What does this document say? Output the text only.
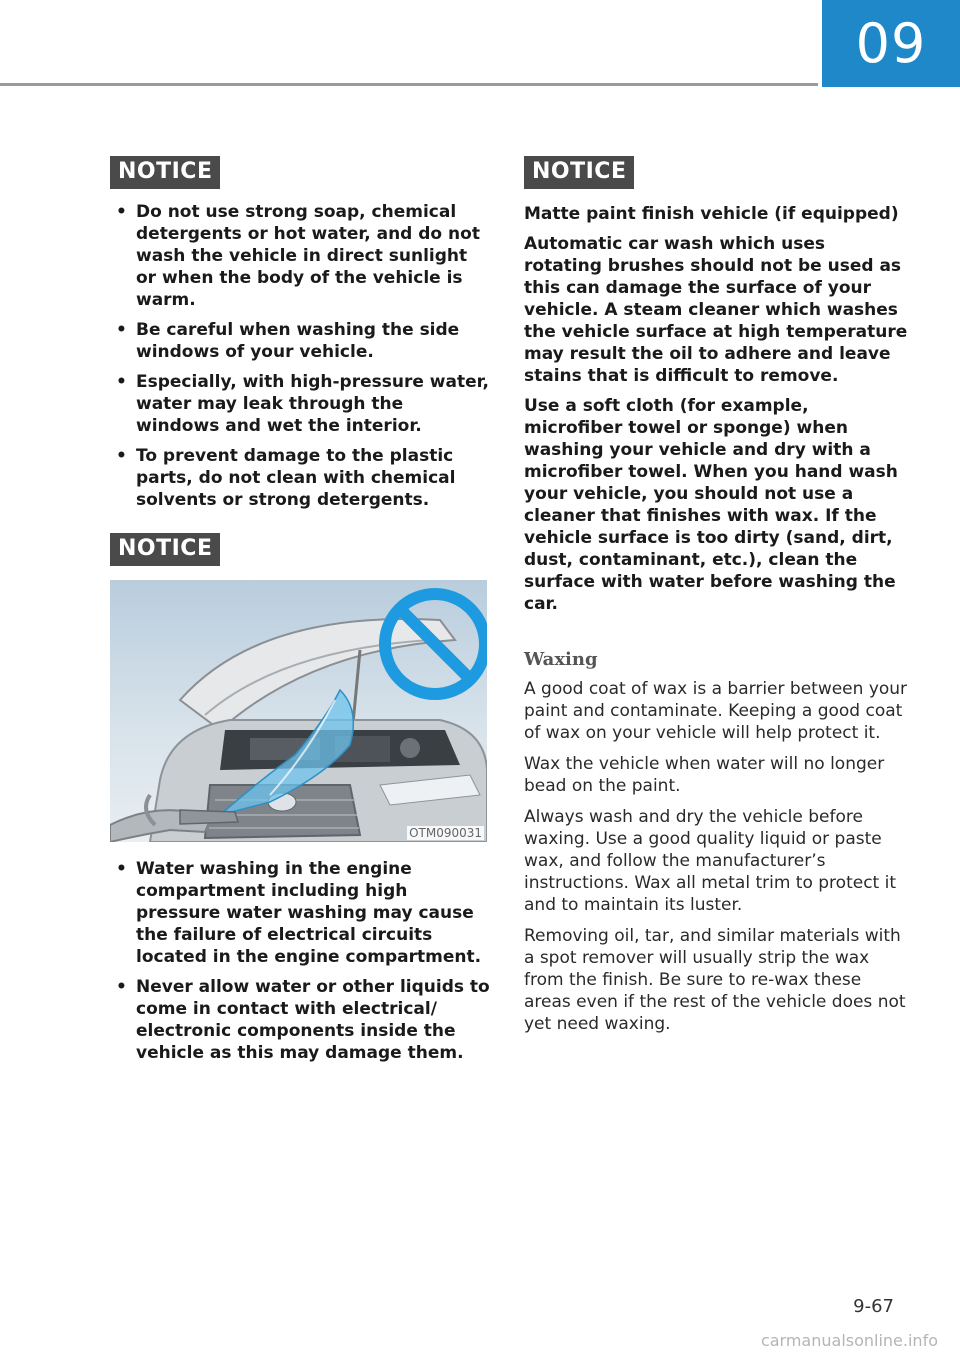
09
NOTICE
• Do not use strong soap, chemical detergents or hot water, and do not wash the vehicle in direct sunlight or when the body of the vehicle is warm.
• Be careful when washing the side windows of your vehicle.
• Especially, with high-pressure water, water may leak through the windows and wet the interior.
• To prevent damage to the plastic parts, do not clean with chemical solvents or strong detergents.
NOTICE
OTM090031
• Water washing in the engine compartment including high pressure water washing may cause the failure of electrical circuits located in the engine compartment.
• Never allow water or other liquids to come in contact with electrical/ electronic components inside the vehicle as this may damage them.
NOTICE

Matte paint finish vehicle (if equipped)

Automatic car wash which uses rotating brushes should not be used as this can damage the surface of your vehicle. A steam cleaner which washes the vehicle surface at high temperature may result the oil to adhere and leave stains that is difficult to remove.

Use a soft cloth (for example, microfiber towel or sponge) when washing your vehicle and dry with a microfiber towel. When you hand wash your vehicle, you should not use a cleaner that finishes with wax. If the vehicle surface is too dirty (sand, dirt, dust, contaminant, etc.), clean the surface with water before washing the car.

Waxing

A good coat of wax is a barrier between your paint and contaminate. Keeping a good coat of wax on your vehicle will help protect it.

Wax the vehicle when water will no longer bead on the paint.

Always wash and dry the vehicle before waxing. Use a good quality liquid or paste wax, and follow the manufacturer’s instructions. Wax all metal trim to protect it and to maintain its luster.

Removing oil, tar, and similar materials with a spot remover will usually strip the wax from the finish. Be sure to re-wax these areas even if the rest of the vehicle does not yet need waxing.

9-67
carmanualsonline.info
